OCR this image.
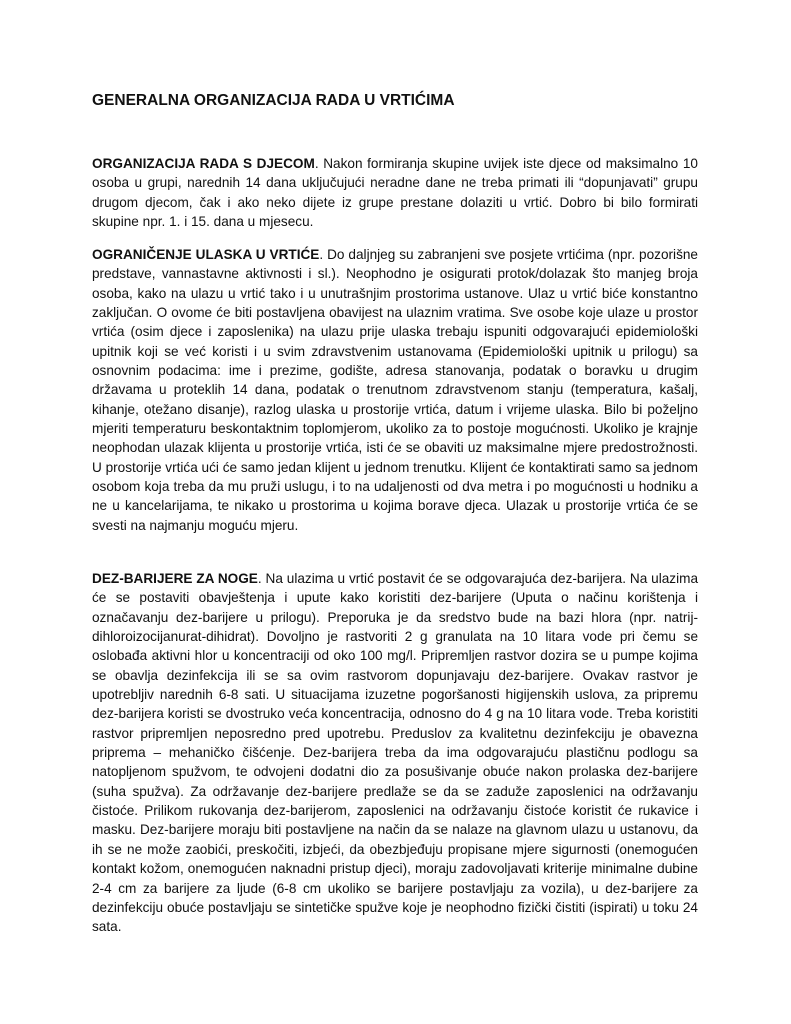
GENERALNA ORGANIZACIJA RADA U VRTIĆIMA

ORGANIZACIJA RADA S DJECOM. Nakon formiranja skupine uvijek iste djece od maksimalno 10 osoba u grupi, narednih 14 dana uključujući neradne dane ne treba primati ili “dopunjavati” grupu drugom djecom, čak i ako neko dijete iz grupe prestane dolaziti u vrtić. Dobro bi bilo formirati skupine npr. 1. i 15. dana u mjesecu.

OGRANIČENJE ULASKA U VRTIĆE. Do daljnjeg su zabranjeni sve posjete vrtićima (npr. pozorišne predstave, vannastavne aktivnosti i sl.). Neophodno je osigurati protok/dolazak što manjeg broja osoba, kako na ulazu u vrtić tako i u unutrašnjim prostorima ustanove. Ulaz u vrtić biće konstantno zaključan. O ovome će biti postavljena obavijest na ulaznim vratima. Sve osobe koje ulaze u prostor vrtića (osim djece i zaposlenika) na ulazu prije ulaska trebaju ispuniti odgovarajući epidemiološki upitnik koji se već koristi i u svim zdravstvenim ustanovama (Epidemiološki upitnik u prilogu) sa osnovnim podacima: ime i prezime, godište, adresa stanovanja, podatak o boravku u drugim državama u proteklih 14 dana, podatak o trenutnom zdravstvenom stanju (temperatura, kašalj, kihanje, otežano disanje), razlog ulaska u prostorije vrtića, datum i vrijeme ulaska. Bilo bi poželjno mjeriti temperaturu beskontaktnim toplomjerom, ukoliko za to postoje mogućnosti. Ukoliko je krajnje neophodan ulazak klijenta u prostorije vrtića, isti će se obaviti uz maksimalne mjere predostrožnosti. U prostorije vrtića ući će samo jedan klijent u jednom trenutku. Klijent će kontaktirati samo sa jednom osobom koja treba da mu pruži uslugu, i to na udaljenosti od dva metra i po mogućnosti u hodniku a ne u kancelarijama, te nikako u prostorima u kojima borave djeca. Ulazak u prostorije vrtića će se svesti na najmanju moguću mjeru.

DEZ-BARIJERE ZA NOGE. Na ulazima u vrtić postavit će se odgovarajuća dez-barijera. Na ulazima će se postaviti obavještenja i upute kako koristiti dez-barijere (Uputa o načinu korištenja i označavanju dez-barijere u prilogu). Preporuka je da sredstvo bude na bazi hlora (npr. natrij-dihloroizocijanurat-dihidrat). Dovoljno je rastvoriti 2 g granulata na 10 litara vode pri čemu se oslobađa aktivni hlor u koncentraciji od oko 100 mg/l. Pripremljen rastvor dozira se u pumpe kojima se obavlja dezinfekcija ili se sa ovim rastvorom dopunjavaju dez-barijere. Ovakav rastvor je upotrebljiv narednih 6-8 sati. U situacijama izuzetne pogoršanosti higijenskih uslova, za pripremu dez-barijera koristi se dvostruko veća koncentracija, odnosno do 4 g na 10 litara vode. Treba koristiti rastvor pripremljen neposredno pred upotrebu. Preduslov za kvalitetnu dezinfekciju je obavezna priprema – mehaničko čišćenje. Dez-barijera treba da ima odgovarajuću plastičnu podlogu sa natopljenom spužvom, te odvojeni dodatni dio za posušivanje obuće nakon prolaska dez-barijere (suha spužva). Za održavanje dez-barijere predlaže se da se zaduže zaposlenici na održavanju čistoće. Prilikom rukovanja dez-barijerom, zaposlenici na održavanju čistoće koristit će rukavice i masku. Dez-barijere moraju biti postavljene na način da se nalaze na glavnom ulazu u ustanovu, da ih se ne može zaobići, preskočiti, izbjeći, da obezbjeđuju propisane mjere sigurnosti (onemogućen kontakt kožom, onemogućen naknadni pristup djeci), moraju zadovoljavati kriterije minimalne dubine 2-4 cm za barijere za ljude (6-8 cm ukoliko se barijere postavljaju za vozila), u dez-barijere za dezinfekciju obuće postavljaju se sintetičke spužve koje je neophodno fizički čistiti (ispirati) u toku 24 sata.
